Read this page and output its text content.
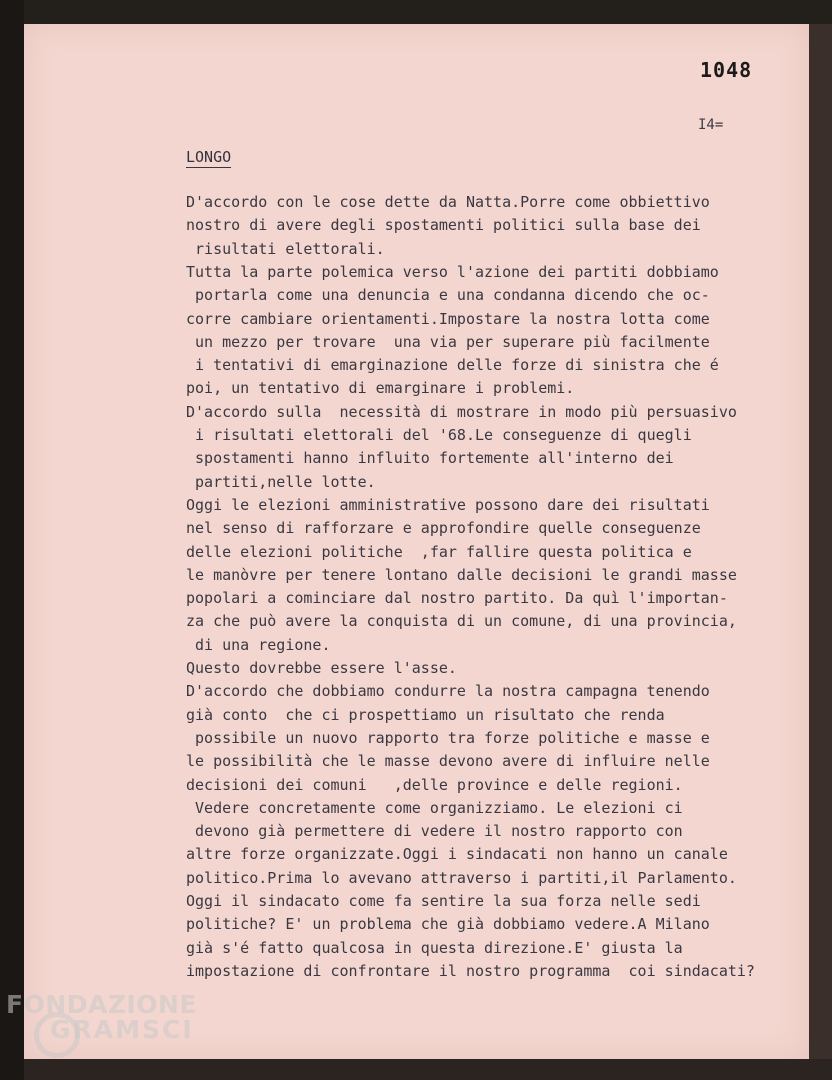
1048
I4=
LONGO
D'accordo con le cose dette da Natta.Porre come obbiettivo
nostro di avere degli spostamenti politici sulla base dei
risultati elettorali.
Tutta la parte polemica verso l'azione dei partiti dobbiamo
portarla come una denuncia e una condanna dicendo che oc-
corre cambiare orientamenti.Impostare la nostra lotta come
un mezzo per trovare  una via per superare più facilmente
i tentativi di emarginazione delle forze di sinistra che é
poi, un tentativo di emarginare i problemi.
D'accordo sulla  necessità di mostrare in modo più persuasivo
i risultati elettorali del '68.Le conseguenze di quegli
spostamenti hanno influito fortemente all'interno dei
partiti,nelle lotte.
Oggi le elezioni amministrative possono dare dei risultati
nel senso di rafforzare e approfondire quelle conseguenze
delle elezioni politiche  ,far fallire questa politica e
le manòvre per tenere lontano dalle decisioni le grandi masse
popolari a cominciare dal nostro partito. Da quì l'importan-
za che può avere la conquista di un comune, di una provincia,
di una regione.
Questo dovrebbe essere l'asse.
D'accordo che dobbiamo condurre la nostra campagna tenendo
già conto  che ci prospettiamo un risultato che renda
possibile un nuovo rapporto tra forze politiche e masse e
le possibilità che le masse devono avere di influire nelle
decisioni dei comuni   ,delle province e delle regioni.
Vedere concretamente come organizziamo. Le elezioni ci
devono già permettere di vedere il nostro rapporto con
altre forze organizzate.Oggi i sindacati non hanno un canale
politico.Prima lo avevano attraverso i partiti,il Parlamento.
Oggi il sindacato come fa sentire la sua forza nelle sedi
politiche? E' un problema che già dobbiamo vedere.A Milano
già s'é fatto qualcosa in questa direzione.E' giusta la
impostazione di confrontare il nostro programma  coi sindacati?
FONDAZIONE
GRAMSCI
